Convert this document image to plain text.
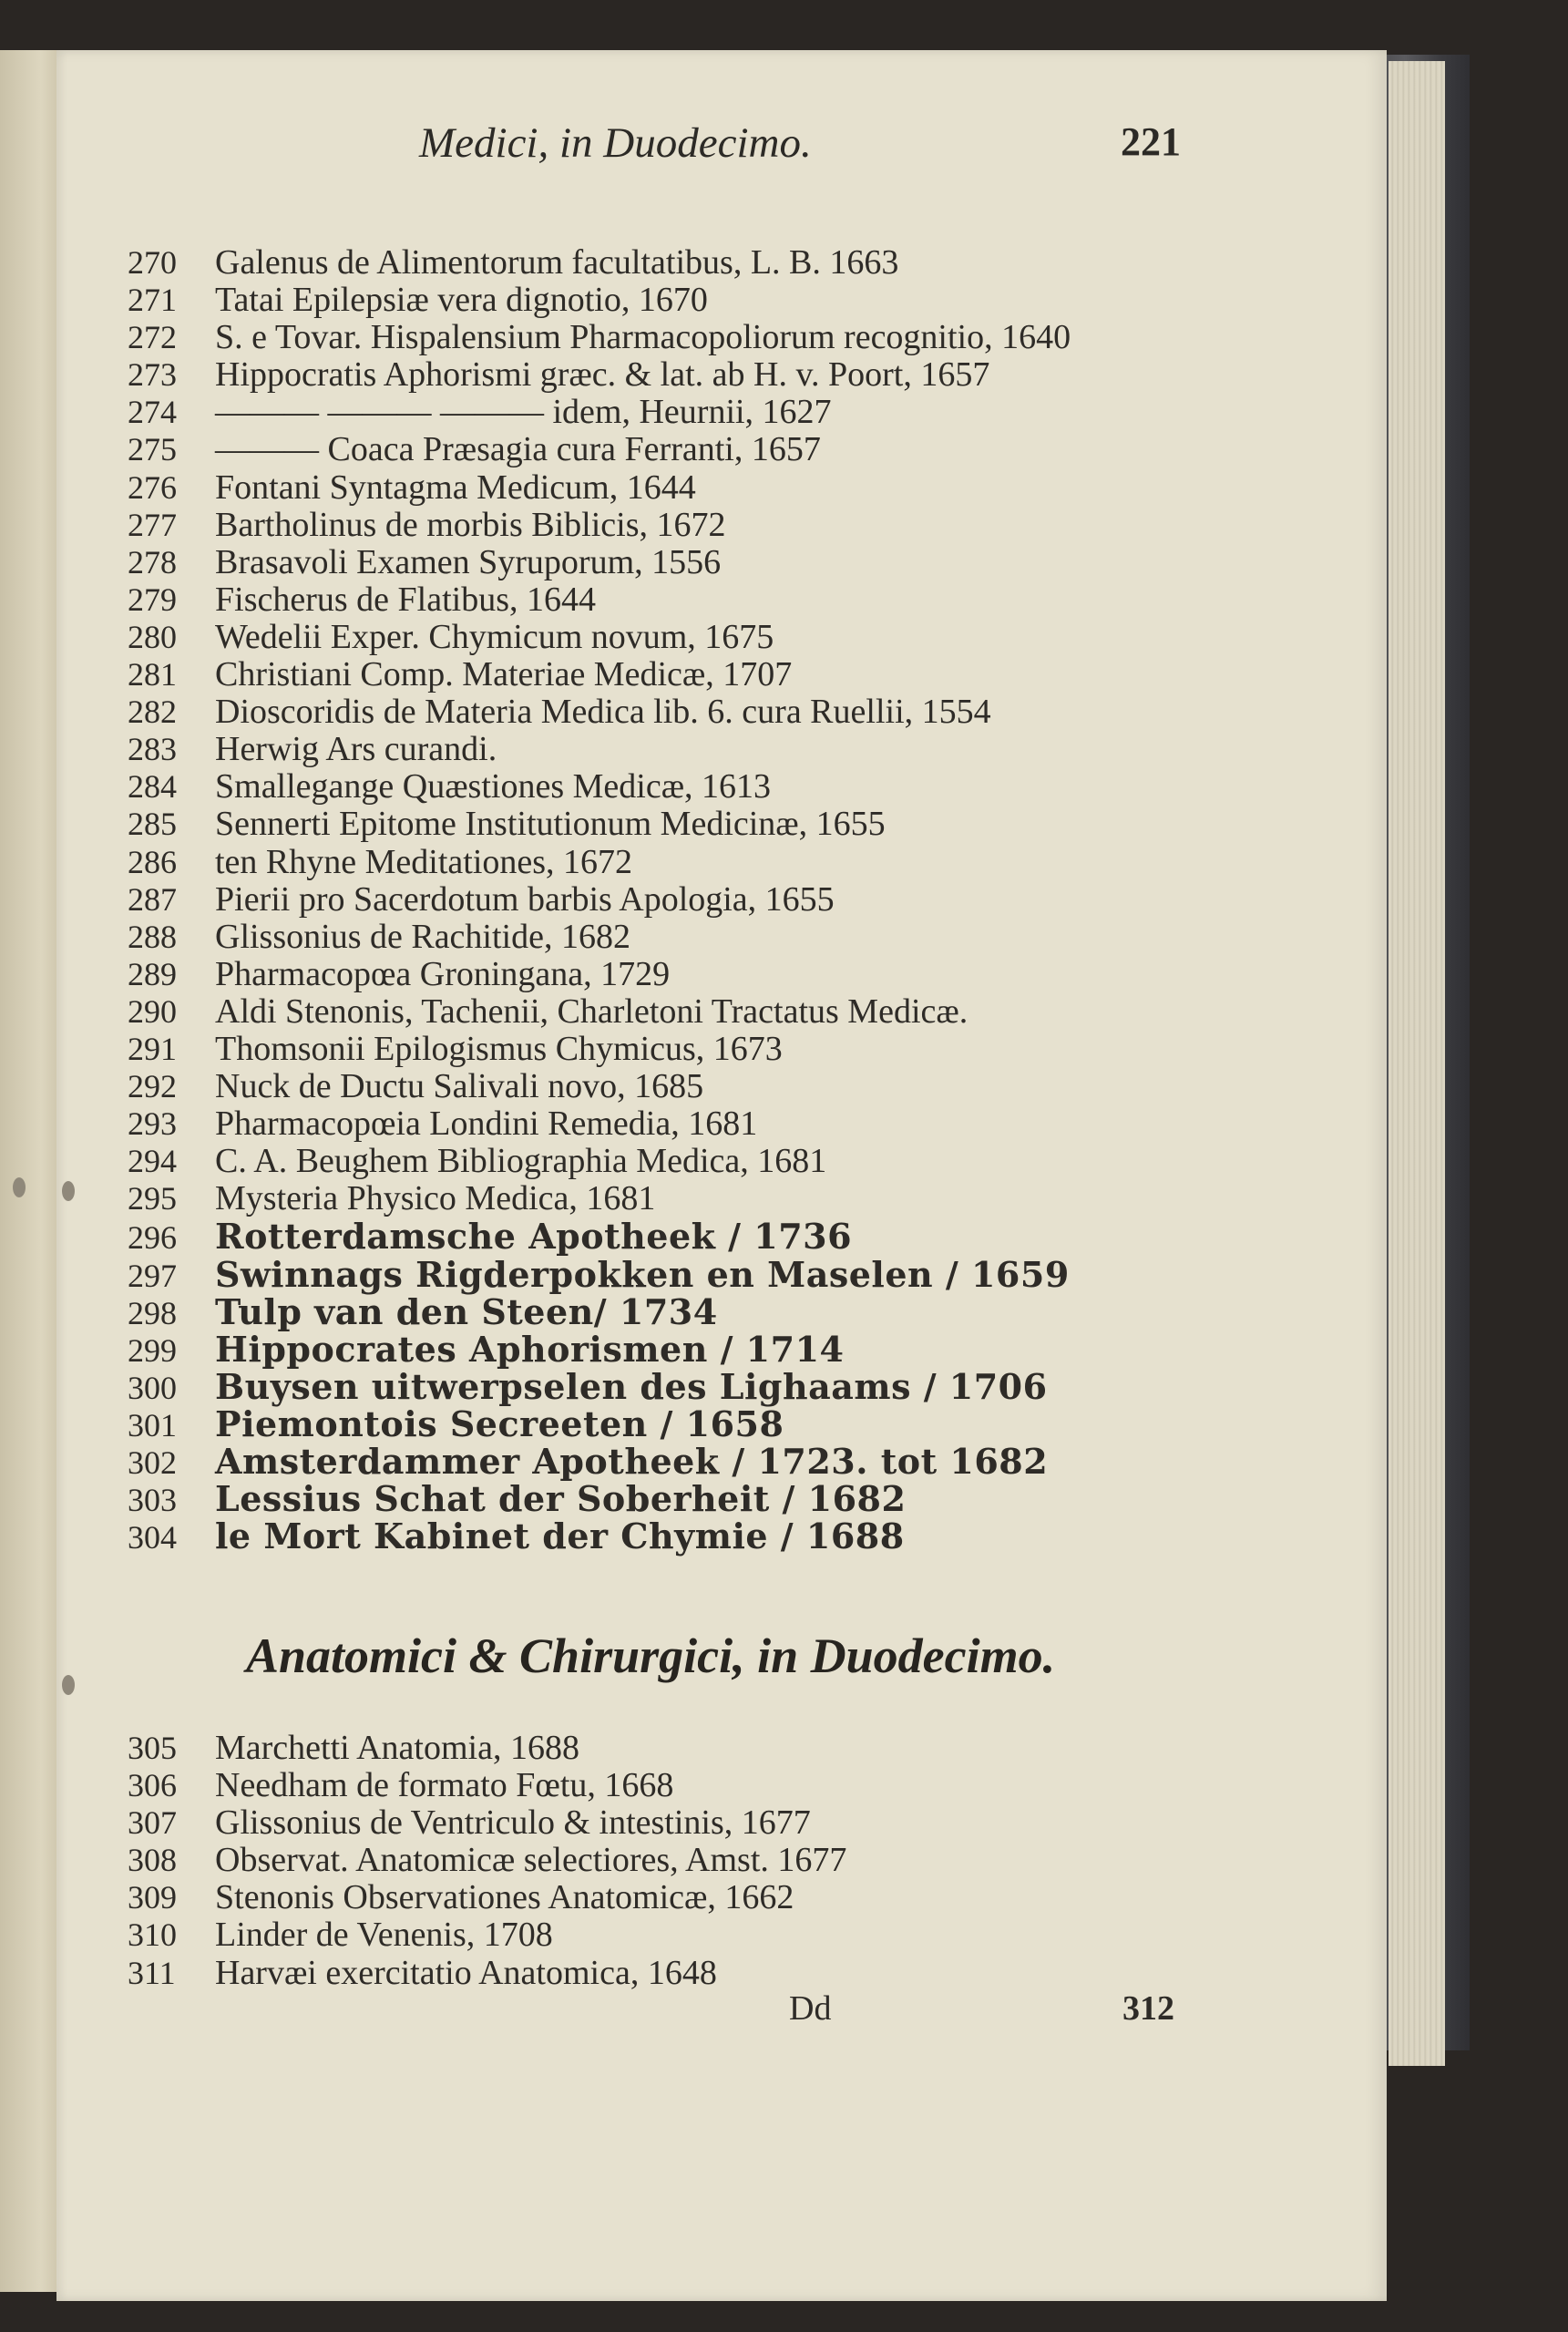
Medici, in Duodecimo.	221
270 Galenus de Alimentorum facultatibus, L. B. 1663
271 Tatai Epilepsiæ vera dignotio, 1670
272 S. e Tovar. Hispalensium Pharmacopoliorum recognitio, 1640
273 Hippocratis Aphorismi græc. & lat. ab H. v. Poort, 1657
274 ——— ——— ——— idem, Heurnii, 1627
275 ——— Coaca Præsagia cura Ferranti, 1657
276 Fontani Syntagma Medicum, 1644
277 Bartholinus de morbis Biblicis, 1672
278 Brasavoli Examen Syruporum, 1556
279 Fischerus de Flatibus, 1644
280 Wedelii Exper. Chymicum novum, 1675
281 Christiani Comp. Materiae Medicæ, 1707
282 Dioscoridis de Materia Medica lib. 6. cura Ruellii, 1554
283 Herwig Ars curandi.
284 Smallegange Quæstiones Medicæ, 1613
285 Sennerti Epitome Institutionum Medicinæ, 1655
286 ten Rhyne Meditationes, 1672
287 Pierii pro Sacerdotum barbis Apologia, 1655
288 Glissonius de Rachitide, 1682
289 Pharmacopœa Groningana, 1729
290 Aldi Stenonis, Tachenii, Charletoni Tractatus Medicæ.
291 Thomsonii Epilogismus Chymicus, 1673
292 Nuck de Ductu Salivali novo, 1685
293 Pharmacopœia Londini Remedia, 1681
294 C. A. Beughem Bibliographia Medica, 1681
295 Mysteria Physico Medica, 1681
296 Rotterdamsche Apotheek / 1736
297 Swinnags Rigderpokken en Maselen / 1659
298 Tulp van den Steen/ 1734
299 Hippocrates Aphorismen / 1714
300 Buysen uitwerpselen des Lighaams / 1706
301 Piemontois Secreeten / 1658
302 Amsterdammer Apotheek / 1723. tot 1682
303 Lessius Schat der Soberheit / 1682
304 le Mort Kabinet der Chymie / 1688
Anatomici & Chirurgici, in Duodecimo.
305 Marchetti Anatomia, 1688
306 Needham de formato Fœtu, 1668
307 Glissonius de Ventriculo & intestinis, 1677
308 Observat. Anatomicæ selectiores, Amst. 1677
309 Stenonis Observationes Anatomicæ, 1662
310 Linder de Venenis, 1708
311 Harvæi exercitatio Anatomica, 1648
Dd	312
